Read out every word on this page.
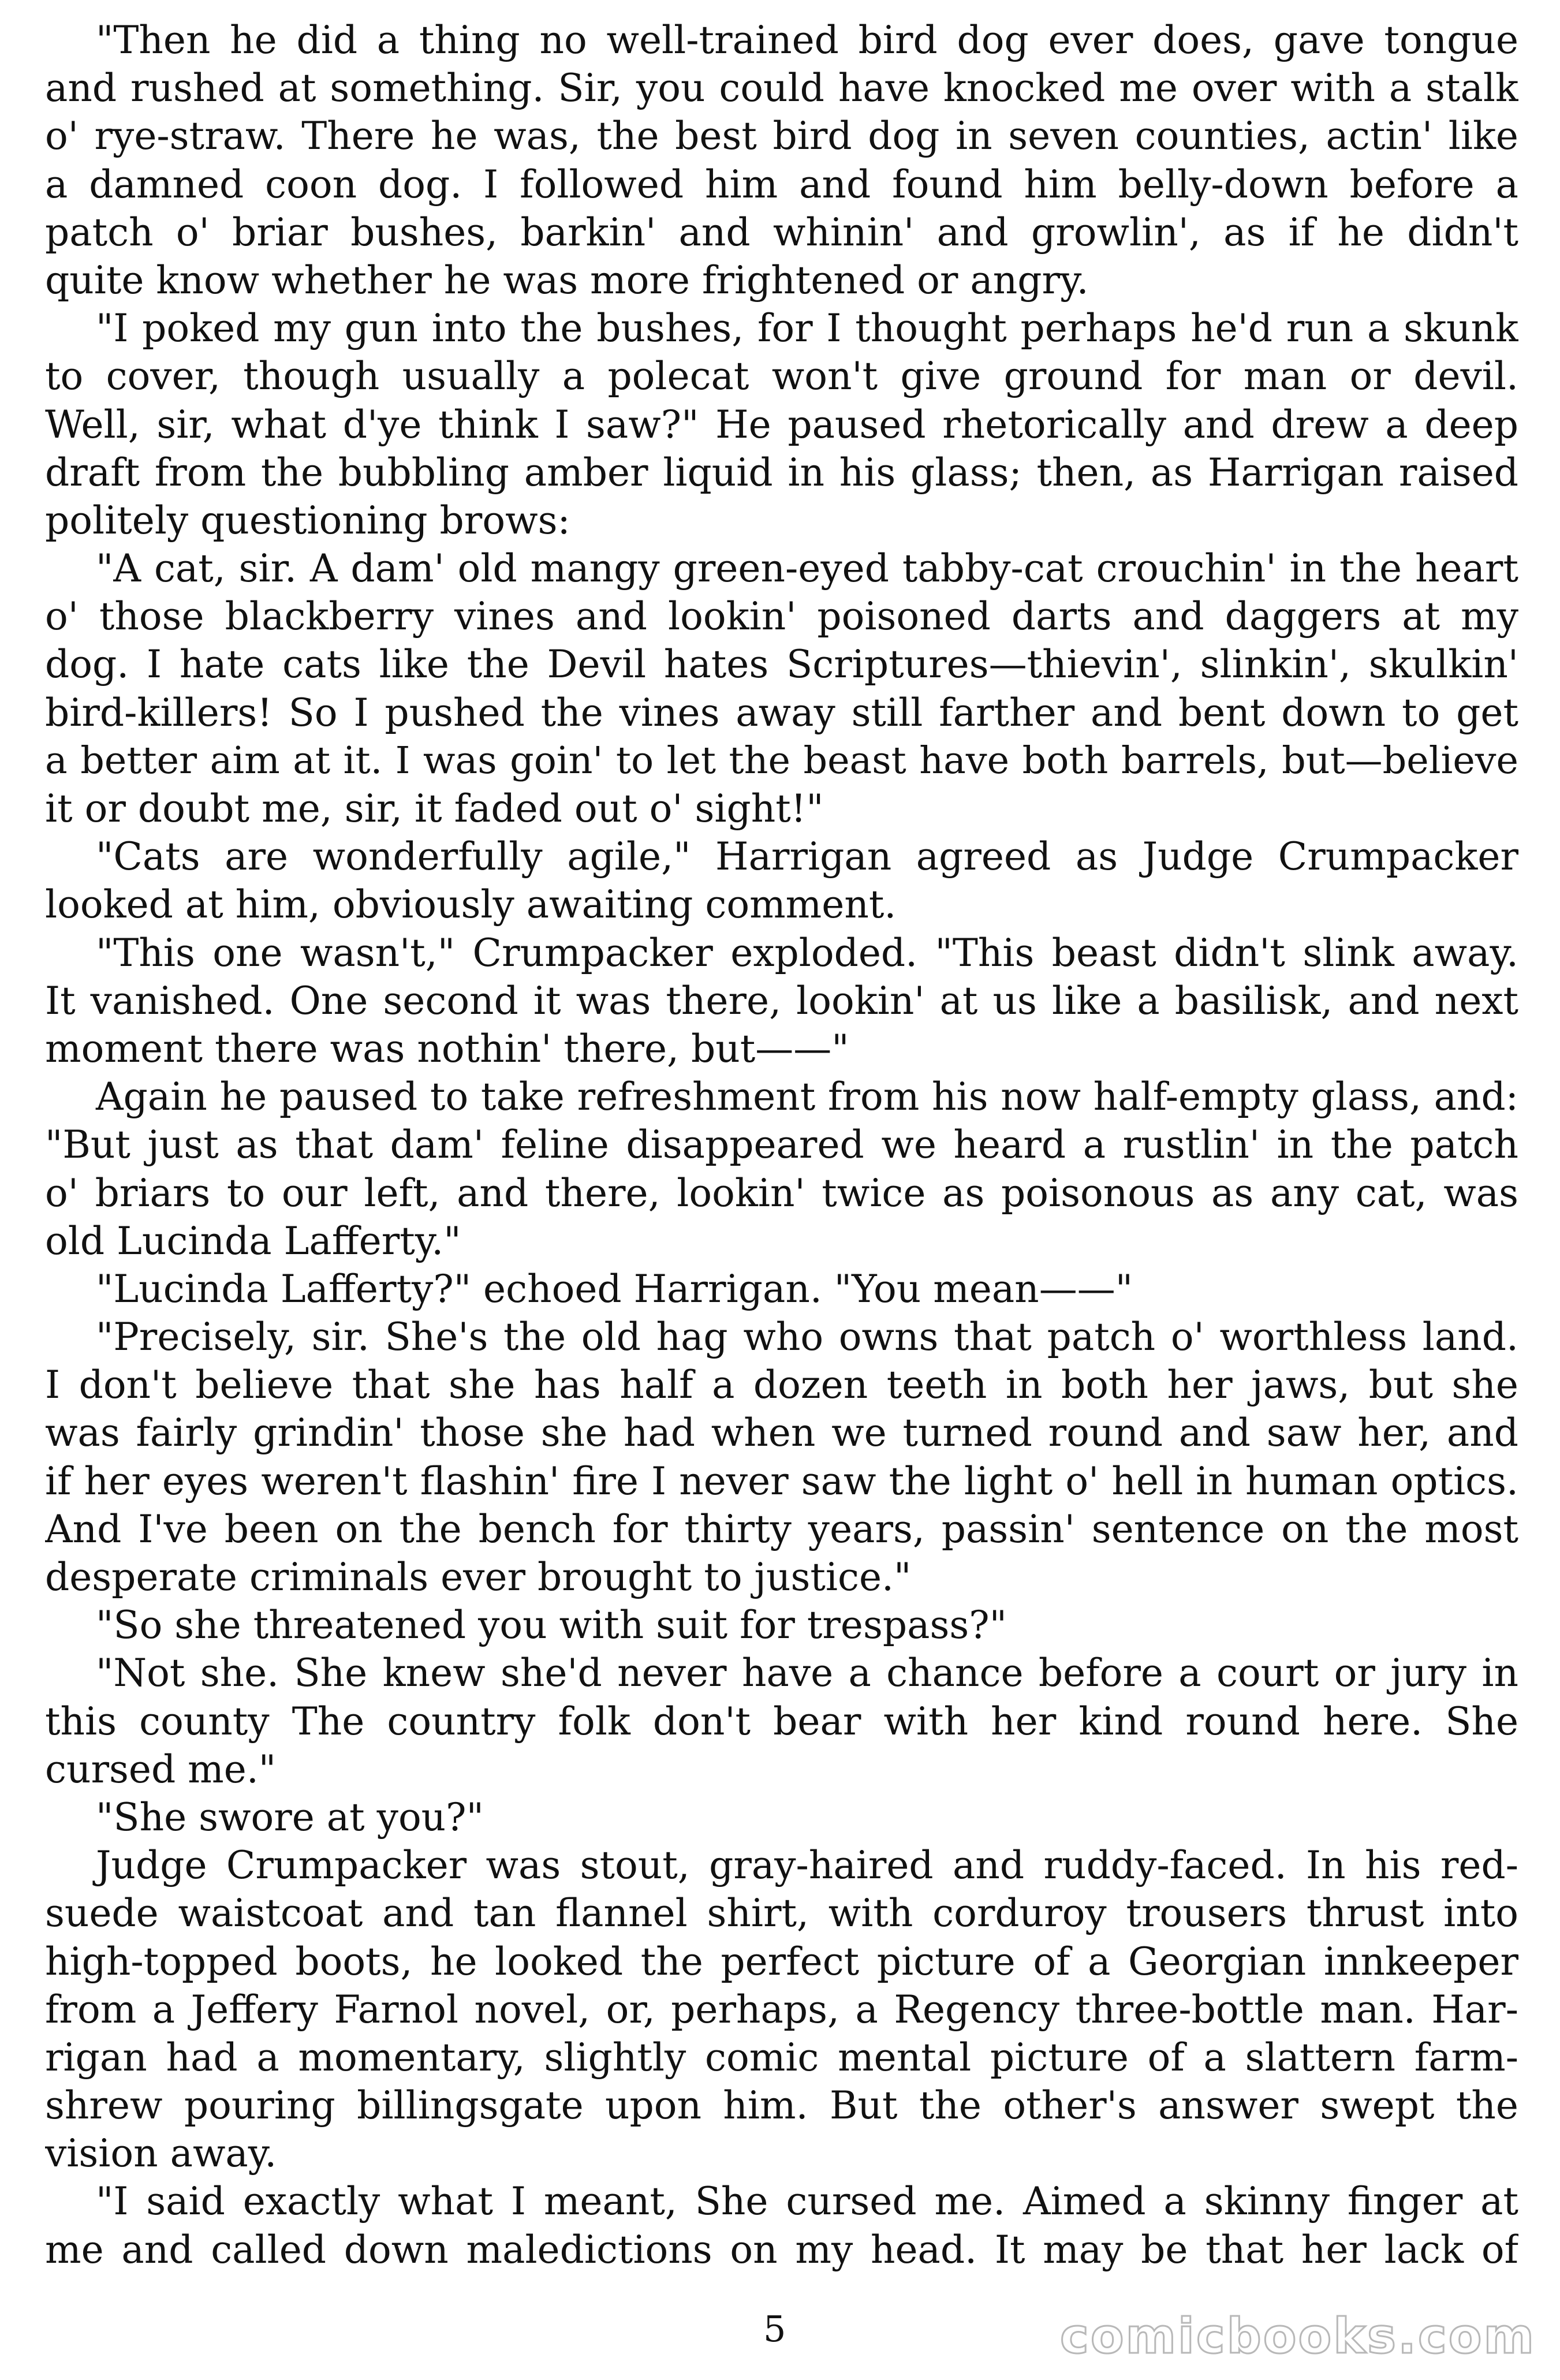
"Then he did a thing no well-trained bird dog ever does, gave tongue
and rushed at something. Sir, you could have knocked me over with a stalk
o' rye-straw. There he was, the best bird dog in seven counties, actin' like
a damned coon dog. I followed him and found him belly-down before a
patch o' briar bushes, barkin' and whinin' and growlin', as if he didn't
quite know whether he was more frightened or angry.
"I poked my gun into the bushes, for I thought perhaps he'd run a skunk
to cover, though usually a polecat won't give ground for man or devil.
Well, sir, what d'ye think I saw?" He paused rhetorically and drew a deep
draft from the bubbling amber liquid in his glass; then, as Harrigan raised
politely questioning brows:
"A cat, sir. A dam' old mangy green-eyed tabby-cat crouchin' in the heart
o' those blackberry vines and lookin' poisoned darts and daggers at my
dog. I hate cats like the Devil hates Scriptures—thievin', slinkin', skulkin'
bird-killers! So I pushed the vines away still farther and bent down to get
a better aim at it. I was goin' to let the beast have both barrels, but—believe
it or doubt me, sir, it faded out o' sight!"
"Cats are wonderfully agile," Harrigan agreed as Judge Crumpacker
looked at him, obviously awaiting comment.
"This one wasn't," Crumpacker exploded. "This beast didn't slink away.
It vanished. One second it was there, lookin' at us like a basilisk, and next
moment there was nothin' there, but——"
Again he paused to take refreshment from his now half-empty glass, and:
"But just as that dam' feline disappeared we heard a rustlin' in the patch
o' briars to our left, and there, lookin' twice as poisonous as any cat, was
old Lucinda Lafferty."
"Lucinda Lafferty?" echoed Harrigan. "You mean——"
"Precisely, sir. She's the old hag who owns that patch o' worthless land.
I don't believe that she has half a dozen teeth in both her jaws, but she
was fairly grindin' those she had when we turned round and saw her, and
if her eyes weren't flashin' fire I never saw the light o' hell in human optics.
And I've been on the bench for thirty years, passin' sentence on the most
desperate criminals ever brought to justice."
"So she threatened you with suit for trespass?"
"Not she. She knew she'd never have a chance before a court or jury in
this county The country folk don't bear with her kind round here. She
cursed me."
"She swore at you?"
Judge Crumpacker was stout, gray-haired and ruddy-faced. In his red-
suede waistcoat and tan flannel shirt, with corduroy trousers thrust into
high-topped boots, he looked the perfect picture of a Georgian innkeeper
from a Jeffery Farnol novel, or, perhaps, a Regency three-bottle man. Har-
rigan had a momentary, slightly comic mental picture of a slattern farm-
shrew pouring billingsgate upon him. But the other's answer swept the
vision away.
"I said exactly what I meant, She cursed me. Aimed a skinny finger at
me and called down maledictions on my head. It may be that her lack of
5	comicbooks.com
